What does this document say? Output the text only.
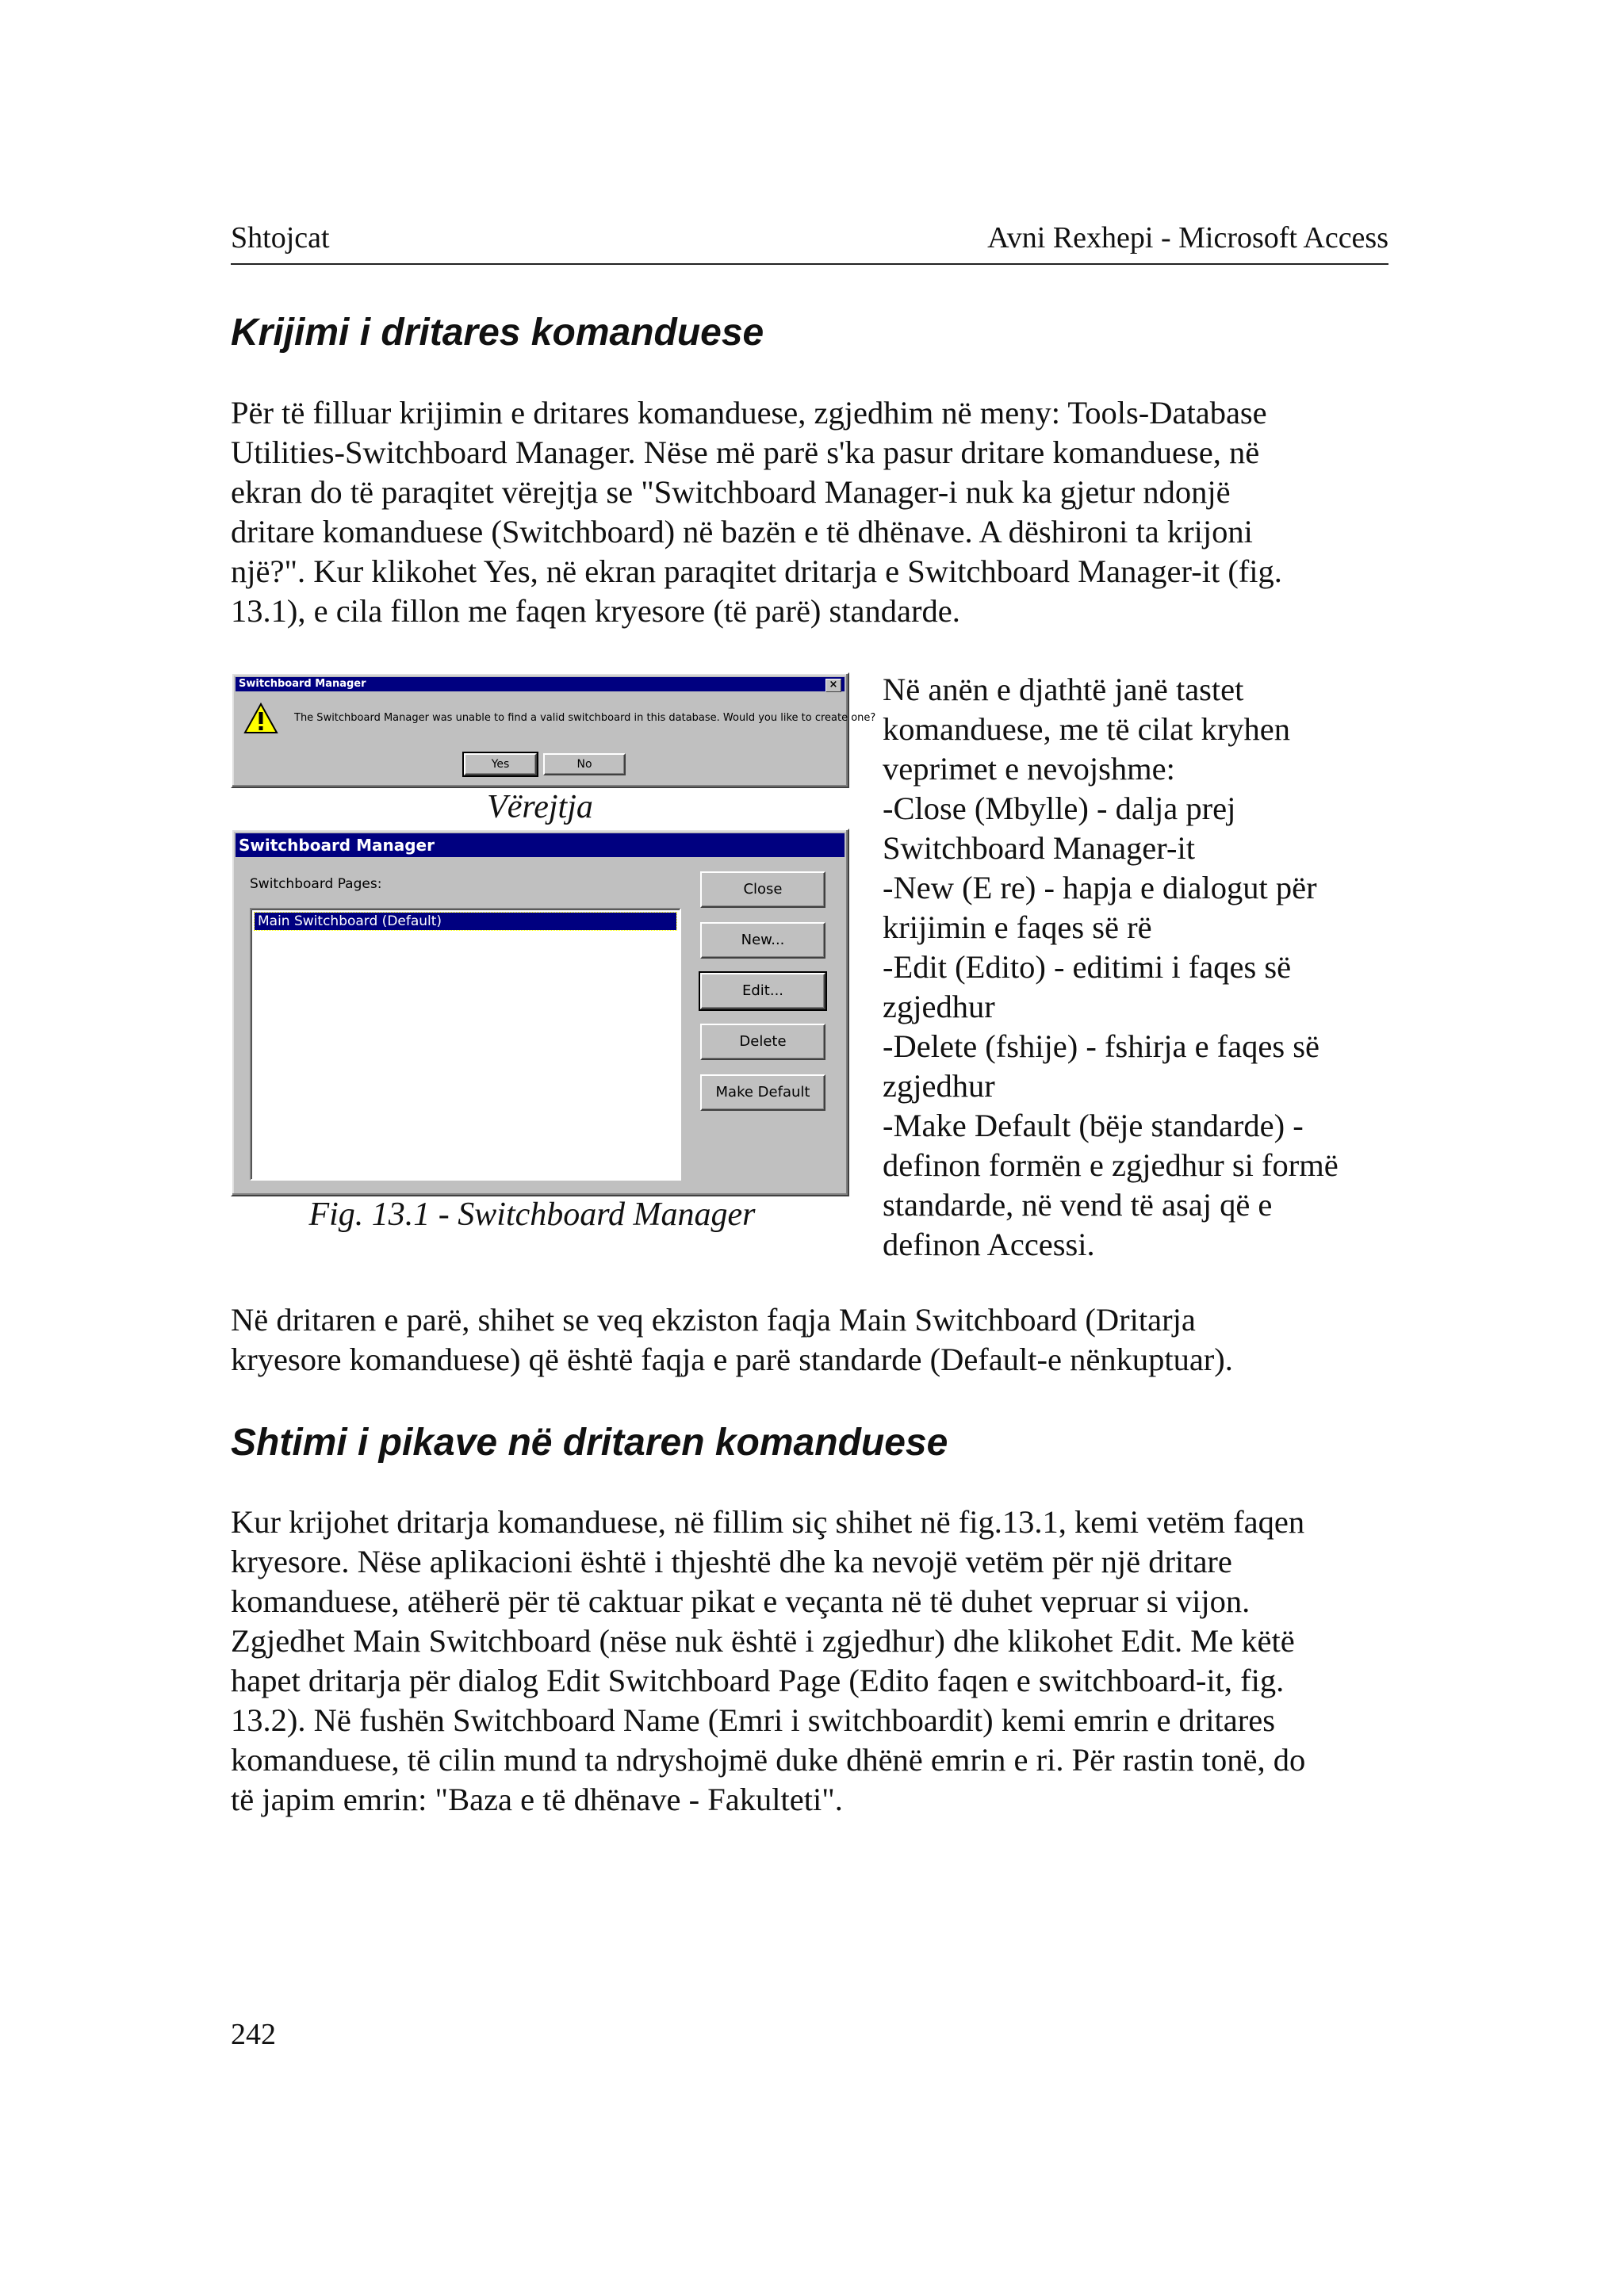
Shtojcat	Avni Rexhepi - Microsoft Access
Krijimi i dritares komanduese

Për të filluar krijimin e dritares komanduese, zgjedhim në meny: Tools-Database
Utilities-Switchboard Manager. Nëse më parë s'ka pasur dritare komanduese, në
ekran do të paraqitet vërejtja se "Switchboard Manager-i nuk ka gjetur ndonjë
dritare komanduese (Switchboard) në bazën e të dhënave. A dëshironi ta krijoni
një?". Kur klikohet Yes, në ekran paraqitet dritarja e Switchboard Manager-it (fig.
13.1), e cila fillon me faqen kryesore (të parë) standarde.

Switchboard Manager	×
The Switchboard Manager was unable to find a valid switchboard in this database. Would you like to create one?
Yes	No
Vërejtja
Switchboard Manager
Switchboard Pages:
Main Switchboard (Default)
Close
New...
Edit...
Delete
Make Default
Fig. 13.1 - Switchboard Manager

Në anën e djathtë janë tastet
komanduese, me të cilat kryhen
veprimet e nevojshme:
-Close (Mbylle) - dalja prej
Switchboard Manager-it
-New (E re) - hapja e dialogut për
krijimin e faqes së rë
-Edit (Edito) - editimi i faqes së
zgjedhur
-Delete (fshije) - fshirja e faqes së
zgjedhur
-Make Default (bëje standarde) -
definon formën e zgjedhur si formë
standarde, në vend të asaj që e
definon Accessi.

Në dritaren e parë, shihet se veq ekziston faqja Main Switchboard (Dritarja
kryesore komanduese) që është faqja e parë standarde (Default-e nënkuptuar).

Shtimi i pikave në dritaren komanduese

Kur krijohet dritarja komanduese, në fillim siç shihet në fig.13.1, kemi vetëm faqen
kryesore. Nëse aplikacioni është i thjeshtë dhe ka nevojë vetëm për një dritare
komanduese, atëherë për të caktuar pikat e veçanta në të duhet vepruar si vijon.
Zgjedhet Main Switchboard (nëse nuk është i zgjedhur) dhe klikohet Edit. Me këtë
hapet dritarja për dialog Edit Switchboard Page (Edito faqen e switchboard-it, fig.
13.2). Në fushën Switchboard Name (Emri i switchboardit) kemi emrin e dritares
komanduese, të cilin mund ta ndryshojmë duke dhënë emrin e ri. Për rastin tonë, do
të japim emrin: "Baza e të dhënave - Fakulteti".

242
